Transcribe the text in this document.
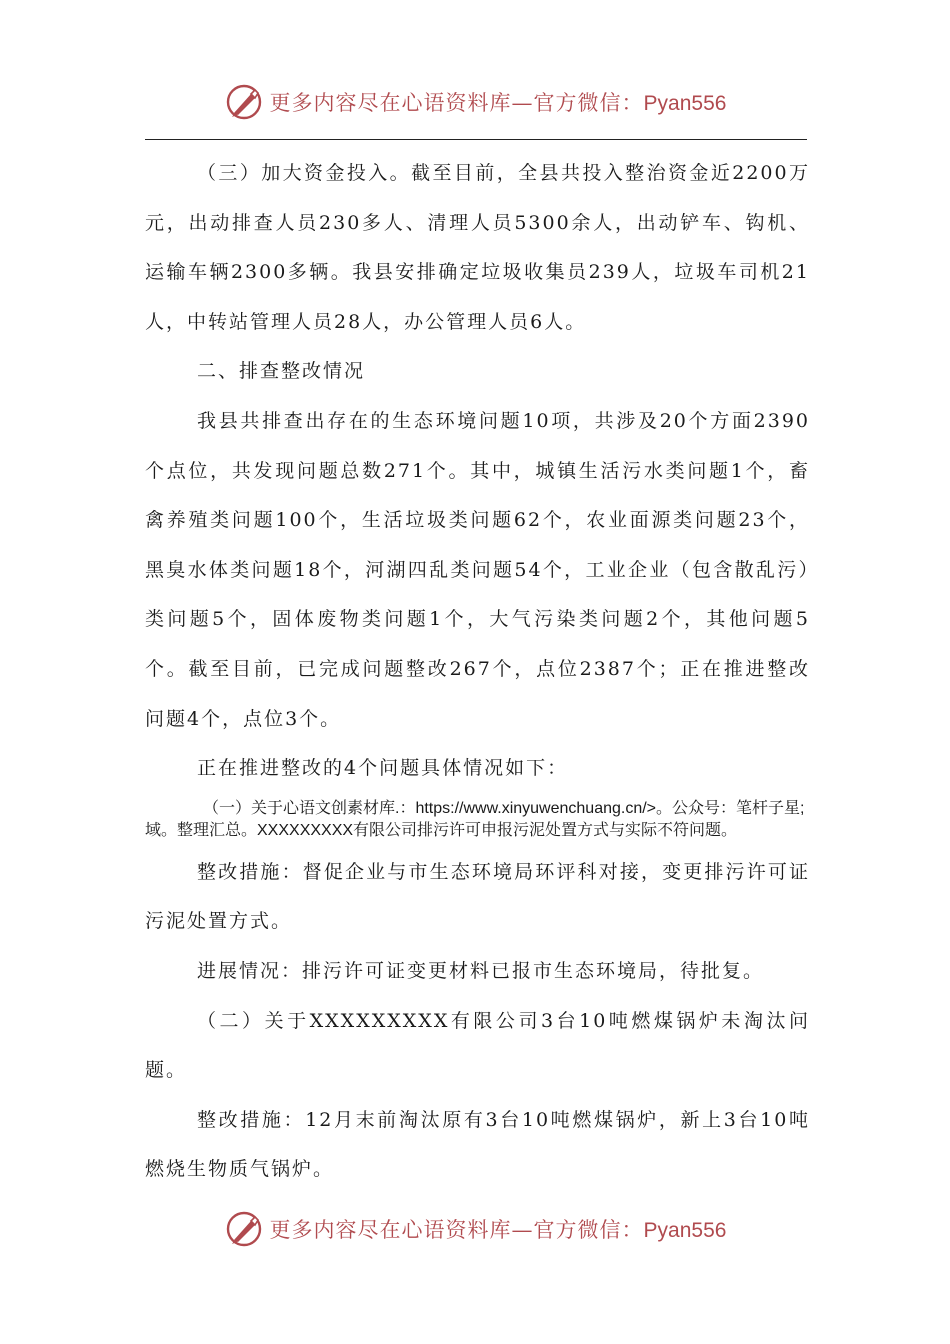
更多内容尽在心语资料库—官方微信：Pyan556

（三）加大资金投入。截至目前，全县共投入整治资金近2200万元，出动排查人员230多人、清理人员5300余人，出动铲车、钩机、运输车辆2300多辆。我县安排确定垃圾收集员239人，垃圾车司机21人，中转站管理人员28人，办公管理人员6人。

二、排查整改情况

我县共排查出存在的生态环境问题10项，共涉及20个方面2390个点位，共发现问题总数271个。其中，城镇生活污水类问题1个，畜禽养殖类问题100个，生活垃圾类问题62个，农业面源类问题23个，黑臭水体类问题18个，河湖四乱类问题54个，工业企业（包含散乱污）类问题5个，固体废物类问题1个，大气污染类问题2个，其他问题5个。截至目前，已完成问题整改267个，点位2387个；正在推进整改问题4个，点位3个。

正在推进整改的4个问题具体情况如下：

（一）关于心语文创素材库.：https://www.xinyuwenchuang.cn/>。公众号：笔杆子星;域。整理汇总。XXXXXXXXX有限公司排污许可申报污泥处置方式与实际不符问题。

整改措施：督促企业与市生态环境局环评科对接，变更排污许可证污泥处置方式。

进展情况：排污许可证变更材料已报市生态环境局，待批复。

（二）关于XXXXXXXXX有限公司3台10吨燃煤锅炉未淘汰问题。

整改措施：12月末前淘汰原有3台10吨燃煤锅炉，新上3台10吨燃烧生物质气锅炉。

更多内容尽在心语资料库—官方微信：Pyan556
